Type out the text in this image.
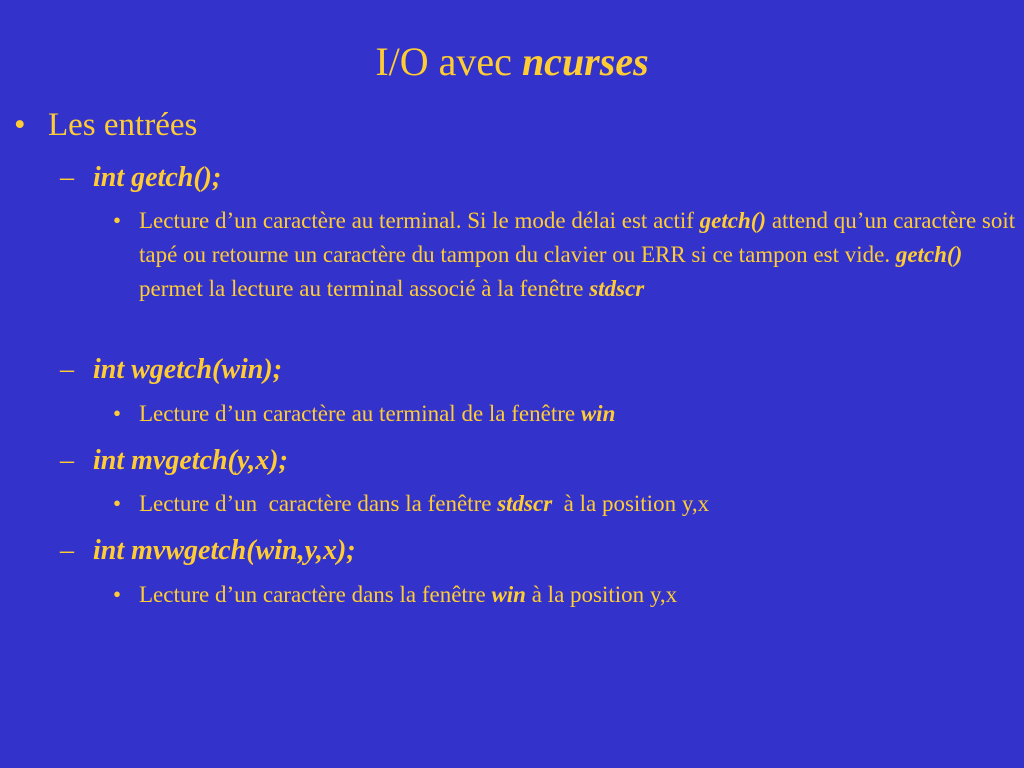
I/O avec ncurses
• Les entrées
– int getch();
• Lecture d’un caractère au terminal. Si le mode délai est actif getch() attend qu’un caractère soit tapé ou retourne un caractère du tampon du clavier ou ERR si ce tampon est vide. getch() permet la lecture au terminal associé à la fenêtre stdscr
– int wgetch(win);
• Lecture d’un caractère au terminal de la fenêtre win
– int mvgetch(y,x);
• Lecture d’un  caractère dans la fenêtre stdscr  à la position y,x
– int mvwgetch(win,y,x);
• Lecture d’un caractère dans la fenêtre win à la position y,x
